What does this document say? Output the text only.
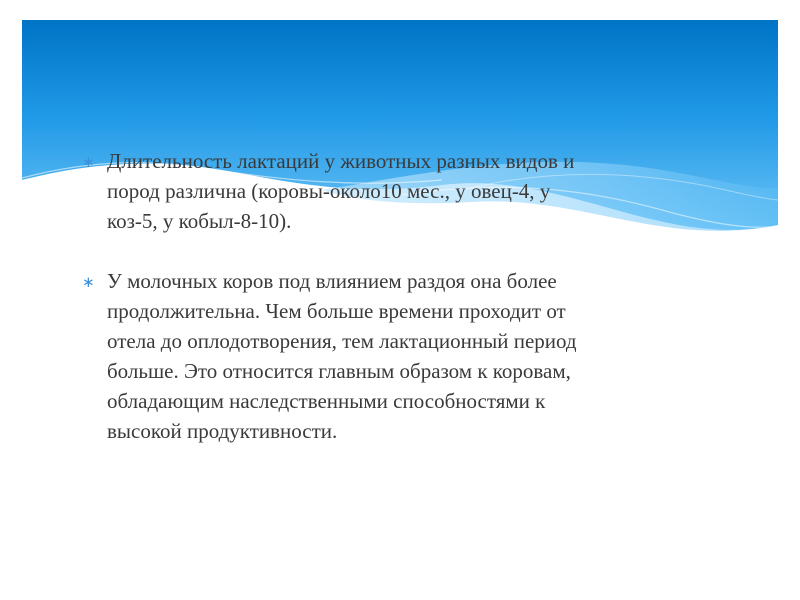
∗ Длительность лактаций у животных разных видов и
пород различна (коровы-около10 мес., у овец-4, у
коз-5, у кобыл-8-10).
∗ У молочных коров под влиянием раздоя она более
продолжительна. Чем больше времени проходит от
отела до оплодотворения, тем лактационный период
больше. Это относится главным образом к коровам,
обладающим наследственными способностями к
высокой продуктивности.
